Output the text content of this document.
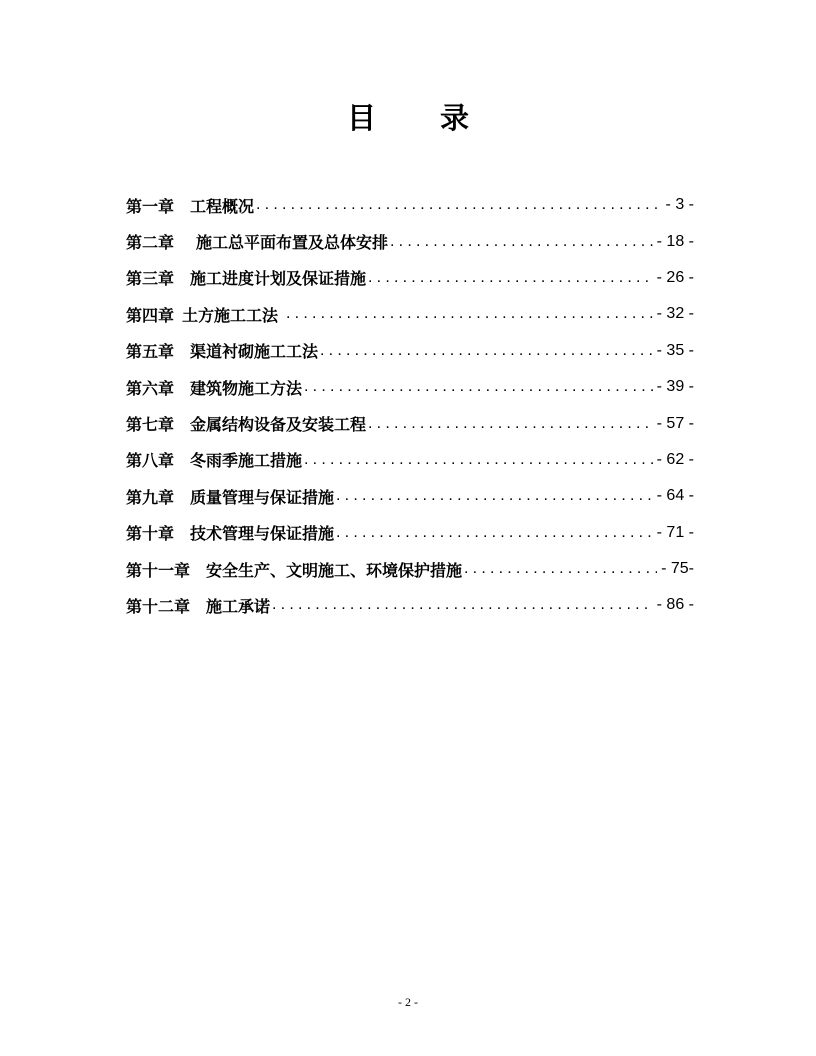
目 录
第一章 工程概况 .....	- 3 -
第二章 施工总平面布置及总体安排 .....	- 18 -
第三章 施工进度计划及保证措施 .....	- 26 -
第四章 土方施工工法 .....	- 32 -
第五章 渠道衬砌施工工法 .....	- 35 -
第六章 建筑物施工方法 .....	- 39 -
第七章 金属结构设备及安装工程 .....	- 57 -
第八章 冬雨季施工措施 .....	- 62 -
第九章 质量管理与保证措施 .....	- 64 -
第十章 技术管理与保证措施 .....	- 71 -
第十一章 安全生产、文明施工、环境保护措施 .....	- 75-
第十二章 施工承诺 .....	- 86 -
- 2 -
